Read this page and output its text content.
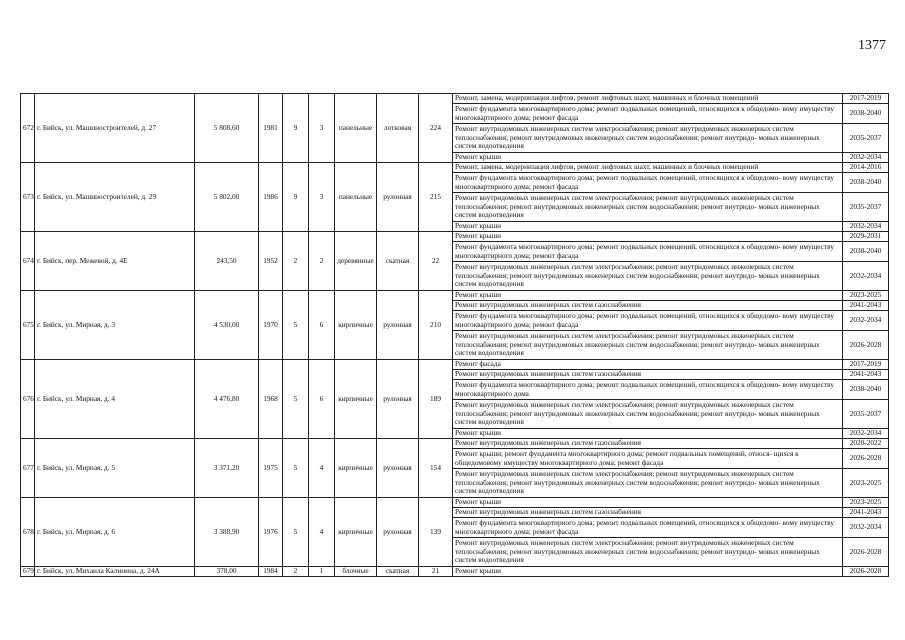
1377
672	г. Бийск, ул. Машиностроителей, д. 27	5 808,60	1981	9	3	панельные	лотковая	224	Ремонт, замена, модернизация лифтов, ремонт лифтовых шахт, машинных и блочных помещений	2017-2019
									Ремонт фундамента многоквартирного дома; ремонт подвальных помещений, относящихся к общедомо- вому имуществу многоквартирного дома; ремонт фасада	2038-2040
									Ремонт внутридомовых инженерных систем электроснабжения; ремонт внутридомовых инженерных систем теплоснабжения; ремонт внутридомовых инженерных систем водоснабжения; ремонт внутридо- мовых инженерных систем водоотведения	2035-2037
									Ремонт крыши	2032-2034
673	г. Бийск, ул. Машиностроителей, д. 29	5 802,00	1986	9	3	панельные	рулонная	215	Ремонт, замена, модернизация лифтов, ремонт лифтовых шахт, машинных и блочных помещений	2014-2016
									Ремонт фундамента многоквартирного дома; ремонт подвальных помещений, относящихся к общедомо- вому имуществу многоквартирного дома; ремонт фасада	2038-2040
									Ремонт внутридомовых инженерных систем электроснабжения; ремонт внутридомовых инженерных систем теплоснабжения; ремонт внутридомовых инженерных систем водоснабжения; ремонт внутридо- мовых инженерных систем водоотведения	2035-2037
									Ремонт крыши	2032-2034
674	г. Бийск, пер. Межевой, д. 4Е	243,50	1952	2	2	деревянные	скатная	22	Ремонт крыши	2029-2031
									Ремонт фундамента многоквартирного дома; ремонт подвальных помещений, относящихся к общедомо- вому имуществу многоквартирного дома; ремонт фасада	2038-2040
									Ремонт внутридомовых инженерных систем электроснабжения; ремонт внутридомовых инженерных систем теплоснабжения; ремонт внутридомовых инженерных систем водоснабжения; ремонт внутридо- мовых инженерных систем водоотведения	2032-2034
675	г. Бийск, ул. Мирная, д. 3	4 530,00	1970	5	6	кирпичные	рулонная	210	Ремонт крыши	2023-2025
									Ремонт внутридомовых инженерных систем газоснабжения	2041-2043
									Ремонт фундамента многоквартирного дома; ремонт подвальных помещений, относящихся к общедомо- вому имуществу многоквартирного дома; ремонт фасада	2032-2034
									Ремонт внутридомовых инженерных систем электроснабжения; ремонт внутридомовых инженерных систем теплоснабжения; ремонт внутридомовых инженерных систем водоснабжения; ремонт внутридо- мовых инженерных систем водоотведения	2026-2028
676	г. Бийск, ул. Мирная, д. 4	4 476,80	1968	5	6	кирпичные	рулонная	189	Ремонт фасада	2017-2019
									Ремонт внутридомовых инженерных систем газоснабжения	2041-2043
									Ремонт фундамента многоквартирного дома; ремонт подвальных помещений, относящихся к общедомо- вому имуществу многоквартирного дома	2038-2040
									Ремонт внутридомовых инженерных систем электроснабжения; ремонт внутридомовых инженерных систем теплоснабжения; ремонт внутридомовых инженерных систем водоснабжения; ремонт внутридо- мовых инженерных систем водоотведения	2035-2037
									Ремонт крыши	2032-2034
677	г. Бийск, ул. Мирная, д. 5	3 371,20	1975	5	4	кирпичные	рулонная	154	Ремонт внутридомовых инженерных систем газоснабжения	2020-2022
									Ремонт крыши; ремонт фундамента многоквартирного дома; ремонт подвальных помещений, относя- щихся к общедомовому имуществу многоквартирного дома; ремонт фасада	2026-2028
									Ремонт внутридомовых инженерных систем электроснабжения; ремонт внутридомовых инженерных систем теплоснабжения; ремонт внутридомовых инженерных систем водоснабжения; ремонт внутридо- мовых инженерных систем водоотведения	2023-2025
678	г. Бийск, ул. Мирная, д. 6	3 388,90	1976	5	4	кирпичные	рулонная	139	Ремонт крыши	2023-2025
									Ремонт внутридомовых инженерных систем газоснабжения	2041-2043
									Ремонт фундамента многоквартирного дома; ремонт подвальных помещений, относящихся к общедомо- вому имуществу многоквартирного дома; ремонт фасада	2032-2034
									Ремонт внутридомовых инженерных систем электроснабжения; ремонт внутридомовых инженерных систем теплоснабжения; ремонт внутридомовых инженерных систем водоснабжения; ремонт внутридо- мовых инженерных систем водоотведения	2026-2028
679	г. Бийск, ул. Михаила Калинина, д. 24А	378,00	1984	2	1	блочные	скатная	21	Ремонт крыши	2026-2028
